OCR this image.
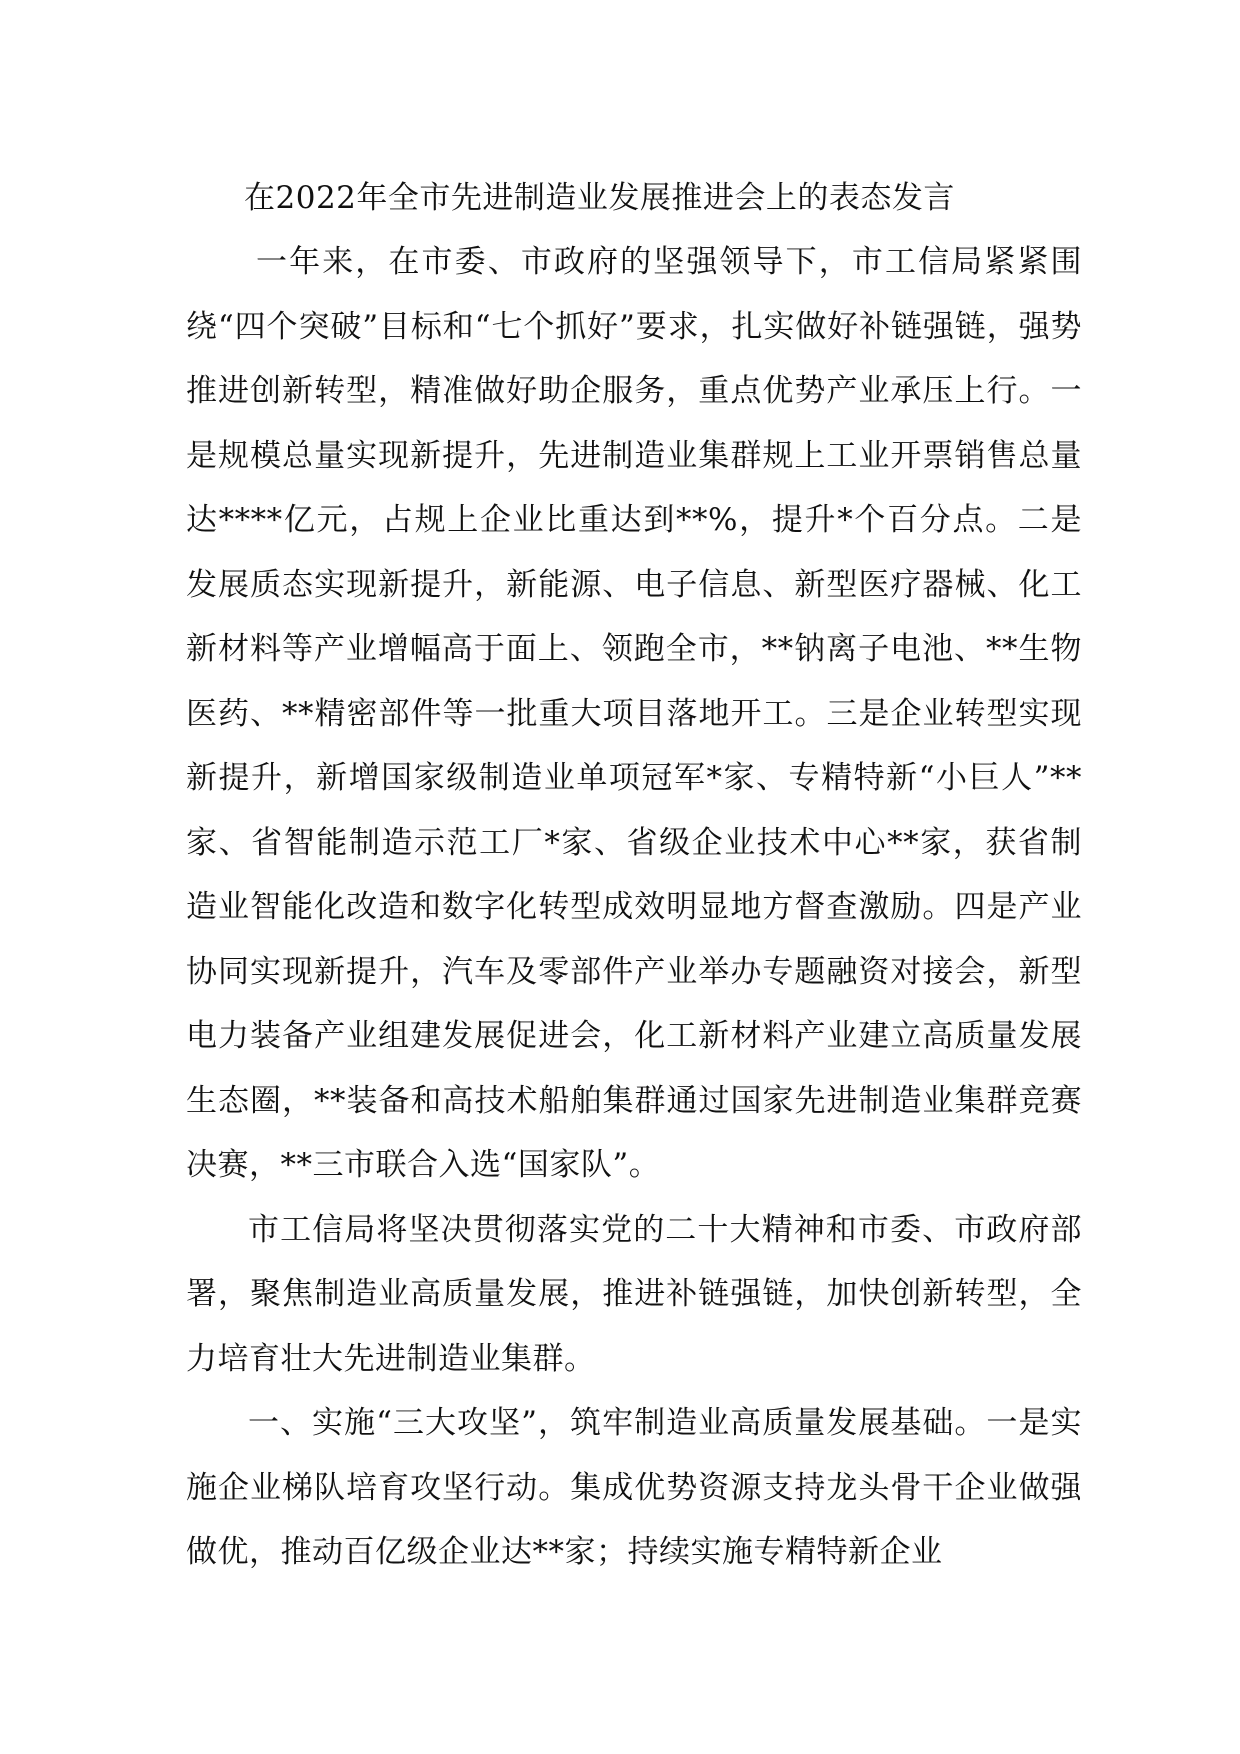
在2022年全市先进制造业发展推进会上的表态发言

一年来，在市委、市政府的坚强领导下，市工信局紧紧围绕“四个突破”目标和“七个抓好”要求，扎实做好补链强链，强势推进创新转型，精准做好助企服务，重点优势产业承压上行。一是规模总量实现新提升，先进制造业集群规上工业开票销售总量达****亿元，占规上企业比重达到**%，提升*个百分点。二是发展质态实现新提升，新能源、电子信息、新型医疗器械、化工新材料等产业增幅高于面上、领跑全市，**钠离子电池、**生物医药、**精密部件等一批重大项目落地开工。三是企业转型实现新提升，新增国家级制造业单项冠军*家、专精特新“小巨人”**家、省智能制造示范工厂*家、省级企业技术中心**家，获省制造业智能化改造和数字化转型成效明显地方督查激励。四是产业协同实现新提升，汽车及零部件产业举办专题融资对接会，新型电力装备产业组建发展促进会，化工新材料产业建立高质量发展生态圈，**装备和高技术船舶集群通过国家先进制造业集群竞赛决赛，**三市联合入选“国家队”。

市工信局将坚决贯彻落实党的二十大精神和市委、市政府部署，聚焦制造业高质量发展，推进补链强链，加快创新转型，全力培育壮大先进制造业集群。

一、实施“三大攻坚”，筑牢制造业高质量发展基础。一是实施企业梯队培育攻坚行动。集成优势资源支持龙头骨干企业做强做优，推动百亿级企业达**家；持续实施专精特新企业
